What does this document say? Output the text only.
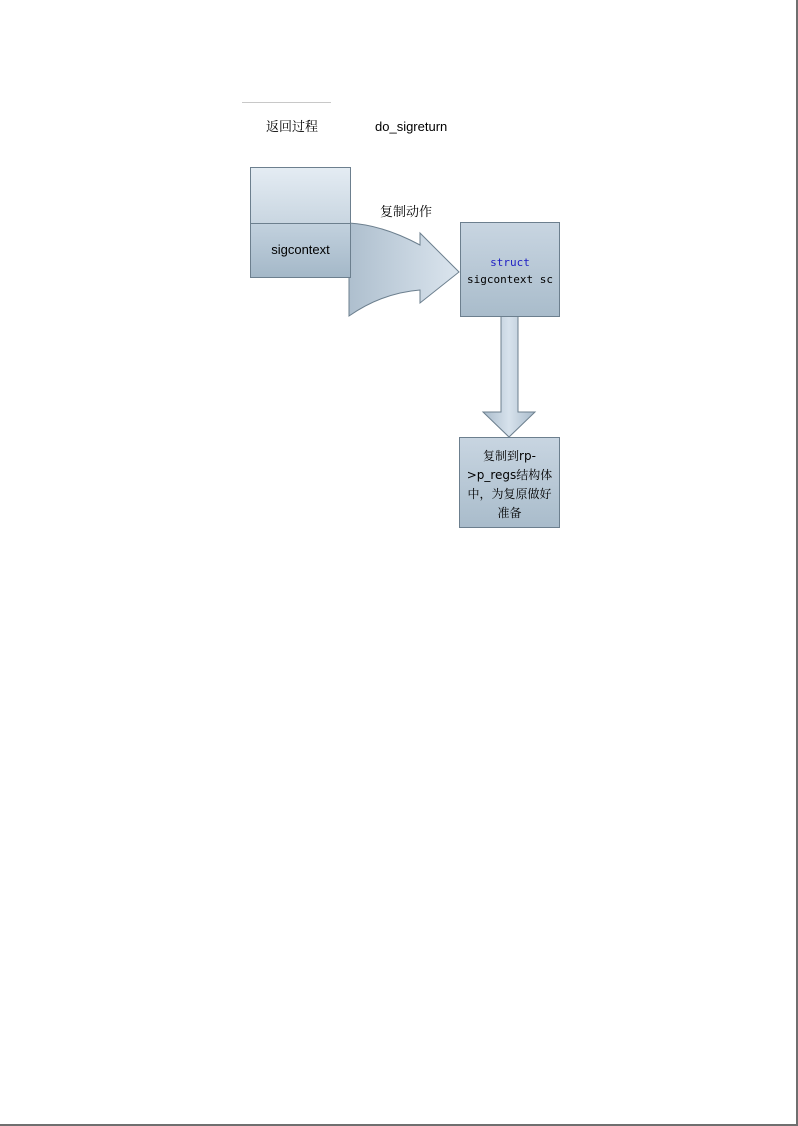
返回过程	do_sigreturn
复制动作
sigcontext
struct
sigcontext sc
复制到rp->p_regs结构体中，为复原做好准备
